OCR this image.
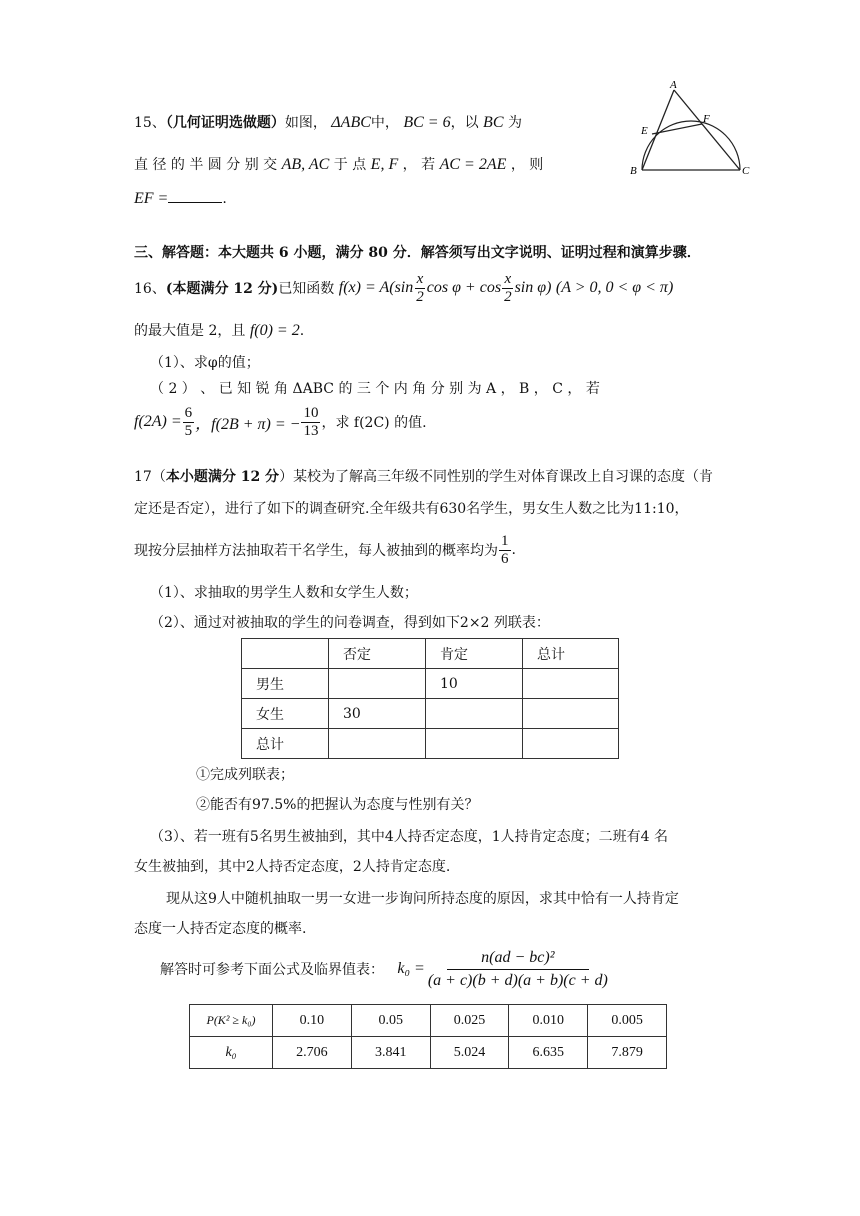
15、（几何证明选做题）如图， ΔABC中， BC = 6，以 BC 为
直 径 的 半 圆 分 别 交 AB, AC 于 点 E, F ， 若 AC = 2AE ， 则
EF =	.
A
E
F
B	C
三、解答题：本大题共 6 小题，满分 80 分．解答须写出文字说明、证明过程和演算步骤．
16、 (本题满分 12 分) 已知函数
$f(x) = A(\sin \frac{x}{2}$ $\cos \varphi + \cos \frac{x}{2}$ sin φ)
(A > 0, 0 < φ < π)
的最大值是 2，且 f(0) = 2.
（1）、求φ的值；
（ 2 ） 、 已 知 锐 角 ΔABC 的 三 个 内 角 分 别 为 A ， B ， C ， 若
$f(2A) = \frac{6}{5}$ ，f(2B + π) = − $\frac{10}{13}$ ，求 f(2C) 的值.
17（本小题满分 12 分）某校为了解高三年级不同性别的学生对体育课改上自习课的态度（肯
定还是否定），进行了如下的调查研究.全年级共有630名学生，男女生人数之比为11:10，
现按分层抽样方法抽取若干名学生，每人被抽到的概率均为 $\frac{1}{6}$ .
（1）、求抽取的男学生人数和女学生人数；
（2）、通过对被抽取的学生的问卷调查，得到如下2×2 列联表：
	否定	肯定	总计
男生		10	
女生	30		
总计			
①完成列联表；
②能否有97.5%的把握认为态度与性别有关？
（3）、若一班有5名男生被抽到，其中4人持否定态度，1人持肯定态度；二班有4 名
女生被抽到，其中2人持否定态度，2人持肯定态度.
现从这9人中随机抽取一男一女进一步询问所持态度的原因，求其中恰有一人持肯定
态度一人持否定态度的概率.
解答时可参考下面公式及临界值表：
$k_0 = \frac{\text{n(ad − bc)²}}{(a + c)(b + d)(a + b)(c + d)}$
P(K² ≥ k₀)	0.10	0.05	0.025	0.010	0.005
k₀	2.706	3.841	5.024	6.635	7.879
